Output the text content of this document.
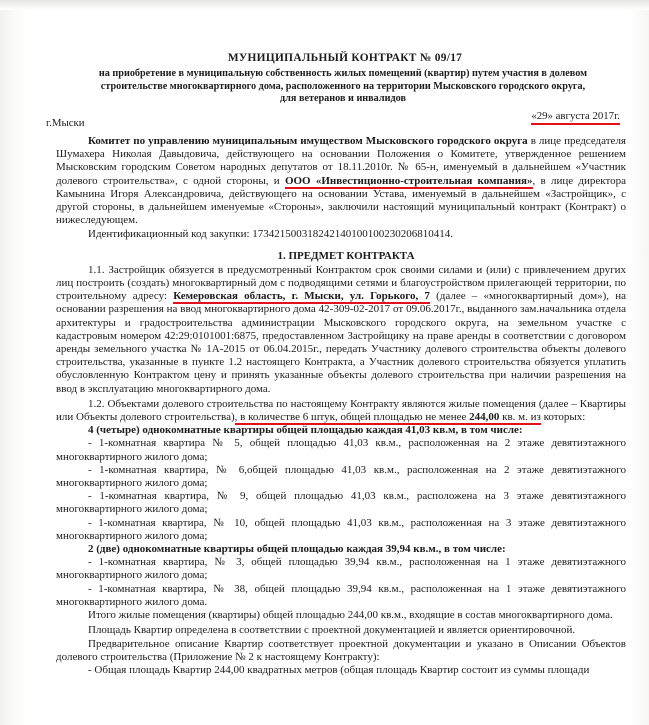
МУНИЦИПАЛЬНЫЙ КОНТРАКТ № 09/17
на приобретение в муниципальную собственность жилых помещений (квартир) путем участия в долевом
строительстве многоквартирного дома, расположенного на территории Мысковского городского округа,
для ветеранов и инвалидов
г.Мыски
«29» августа 2017г.

Комитет по управлению муниципальным имуществом Мысковского городского округа в лице председателя Шумахера Николая Давыдовича, действующего на основании Положения о Комитете, утвержденное решением Мысковским городским Советом народных депутатов от 18.11.2010г. № 65-н, именуемый в дальнейшем «Участник долевого строительства», с одной стороны, и ООО «Инвестиционно-строительная компания», в лице директора Камынина Игоря Александровича, действующего на основании Устава, именуемый в дальнейшем «Застройщик», с другой стороны, в дальнейшем именуемые «Стороны», заключили настоящий муниципальный контракт (Контракт) о нижеследующем.

Идентификационный код закупки: 173421500318242140100100230206810414.

1. ПРЕДМЕТ КОНТРАКТА

1.1. Застройщик обязуется в предусмотренный Контрактом срок своими силами и (или) с привлечением других лиц построить (создать) многоквартирный дом с подводящими сетями и благоустройством прилегающей территории, по строительному адресу: Кемеровская область, г. Мыски, ул. Горького, 7 (далее – «многоквартирный дом»), на основании разрешения на ввод многоквартирного дома 42-309-02-2017 от 09.06.2017г., выданного зам.начальника отдела архитектуры и градостроительства администрации Мысковского городского округа, на земельном участке с кадастровым номером 42:29:0101001:6875, предоставленном Застройщику на праве аренды в соответствии с договором аренды земельного участка № 1А-2015 от 06.04.2015г., передать Участнику долевого строительства объекты долевого строительства, указанные в пункте 1.2 настоящего Контракта, а Участник долевого строительства обязуется уплатить обусловленную Контрактом цену и принять указанные объекты долевого строительства при наличии разрешения на ввод в эксплуатацию многоквартирного дома.

1.2. Объектами долевого строительства по настоящему Контракту являются жилые помещения (далее – Квартиры или Объекты долевого строительства), в количестве 6 штук, общей площадью не менее 244,00 кв. м. из которых:

4 (четыре) однокомнатные квартиры общей площадью каждая 41,03 кв.м, в том числе:

- 1-комнатная квартира № 5, общей площадью 41,03 кв.м., расположенная на 2 этаже девятиэтажного многоквартирного жилого дома;

- 1-комнатная квартира, № 6,общей площадью 41,03 кв.м., расположенная на 2 этаже девятиэтажного многоквартирного жилого дома;

- 1-комнатная квартира, № 9, общей площадью 41,03 кв.м., расположена на 3 этаже девятиэтажного многоквартирного жилого дома;

- 1-комнатная квартира, № 10, общей площадью 41,03 кв.м., расположенная на 3 этаже девятиэтажного многоквартирного жилого дома;

2 (две) однокомнатные квартиры общей площадью каждая 39,94 кв.м., в том числе:

- 1-комнатная квартира, № 3, общей площадью 39,94 кв.м., расположенная на 1 этаже девятиэтажного многоквартирного жилого дома;

- 1-комнатная квартира, № 38, общей площадью 39,94 кв.м., расположенная на 1 этаже девятиэтажного многоквартирного жилого дома.

Итого жилые помещения (квартиры) общей площадью 244,00 кв.м., входящие в состав многоквартирного дома.

Площадь Квартир определена в соответствии с проектной документацией и является ориентировочной.

Предварительное описание Квартир соответствует проектной документации и указано в Описании Объектов долевого строительства (Приложение № 2 к настоящему Контракту):

- Общая площадь Квартир 244,00 квадратных метров (общая площадь Квартир состоит из суммы площади
